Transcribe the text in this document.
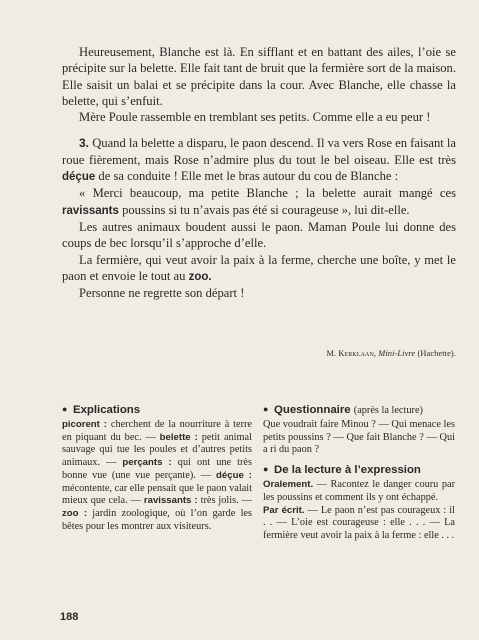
Heureusement, Blanche est là. En sifflant et en battant des ailes, l’oie se précipite sur la belette. Elle fait tant de bruit que la fermière sort de la maison. Elle saisit un balai et se précipite dans la cour. Avec Blanche, elle chasse la belette, qui s’enfuit.

Mère Poule rassemble en tremblant ses petits. Comme elle a eu peur !

3. Quand la belette a disparu, le paon descend. Il va vers Rose en faisant la roue fièrement, mais Rose n’admire plus du tout le bel oiseau. Elle est très déçue de sa conduite ! Elle met le bras autour du cou de Blanche :

« Merci beaucoup, ma petite Blanche ; la belette aurait mangé ces ravissants poussins si tu n’avais pas été si courageuse », lui dit-elle.

Les autres animaux boudent aussi le paon. Maman Poule lui donne des coups de bec lorsqu’il s’approche d’elle.

La fermière, qui veut avoir la paix à la ferme, cherche une boîte, y met le paon et envoie le tout au zoo.

Personne ne regrette son départ !

M. Kerklaan, Mini-Livre (Hachette).

● Explications

picorent : cherchent de la nourriture à terre en piquant du bec. — belette : petit animal sauvage qui tue les poules et d’autres petits animaux. — perçants : qui ont une très bonne vue (une vue perçante). — déçue : mécontente, car elle pensait que le paon valait mieux que cela. — ravissants : très jolis. — zoo : jardin zoologique, où l’on garde les bêtes pour les montrer aux visiteurs.

● Questionnaire (après la lecture)

Que voudrait faire Minou ? — Qui menace les petits poussins ? — Que fait Blanche ? — Qui a ri du paon ?

● De la lecture à l’expression

Oralement. — Racontez le danger couru par les poussins et comment ils y ont échappé.

Par écrit. — Le paon n’est pas courageux : il . . — L’oie est courageuse : elle . . . — La fermière veut avoir la paix à la ferme : elle . . .

188
